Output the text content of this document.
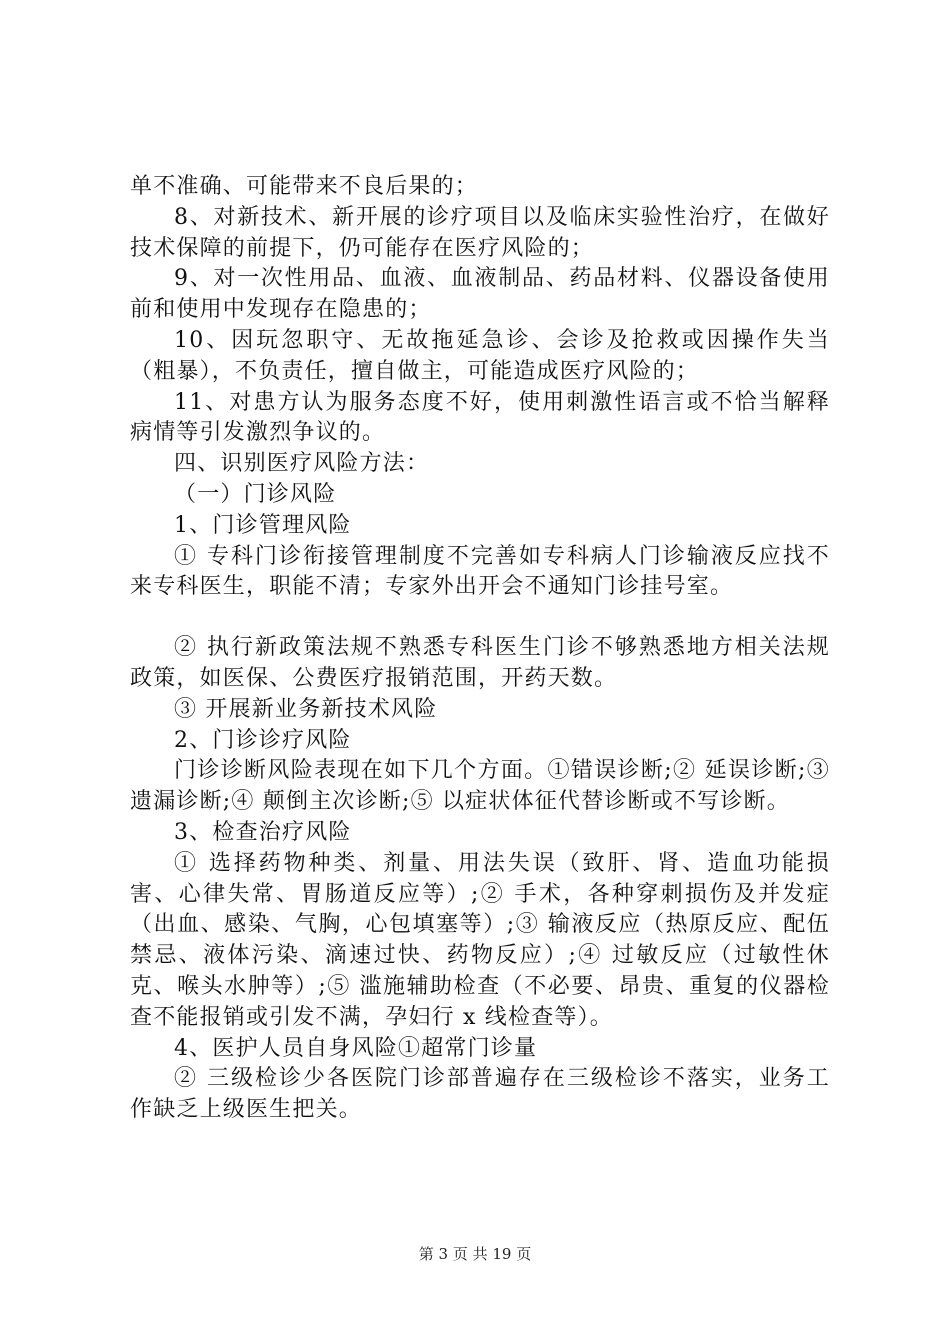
单不准确、可能带来不良后果的；

8、对新技术、新开展的诊疗项目以及临床实验性治疗，在做好技术保障的前提下，仍可能存在医疗风险的；

9、对一次性用品、血液、血液制品、药品材料、仪器设备使用前和使用中发现存在隐患的；

10、因玩忽职守、无故拖延急诊、会诊及抢救或因操作失当（粗暴），不负责任，擅自做主，可能造成医疗风险的；

11、对患方认为服务态度不好，使用刺激性语言或不恰当解释病情等引发激烈争议的。

四、识别医疗风险方法：

（一）门诊风险

1、门诊管理风险

① 专科门诊衔接管理制度不完善如专科病人门诊输液反应找不来专科医生，职能不清；专家外出开会不通知门诊挂号室。

② 执行新政策法规不熟悉专科医生门诊不够熟悉地方相关法规政策，如医保、公费医疗报销范围，开药天数。

③ 开展新业务新技术风险

2、门诊诊疗风险

门诊诊断风险表现在如下几个方面。①错误诊断;② 延误诊断;③ 遗漏诊断;④ 颠倒主次诊断;⑤ 以症状体征代替诊断或不写诊断。

3、检查治疗风险

① 选择药物种类、剂量、用法失误（致肝、肾、造血功能损害、心律失常、胃肠道反应等）;② 手术，各种穿刺损伤及并发症（出血、感染、气胸，心包填塞等）;③ 输液反应（热原反应、配伍禁忌、液体污染、滴速过快、药物反应）;④ 过敏反应（过敏性休克、喉头水肿等）;⑤ 滥施辅助检查（不必要、昂贵、重复的仪器检查不能报销或引发不满，孕妇行 x 线检查等）。

4、医护人员自身风险①超常门诊量

② 三级检诊少各医院门诊部普遍存在三级检诊不落实，业务工作缺乏上级医生把关。

第 3 页 共 19 页
